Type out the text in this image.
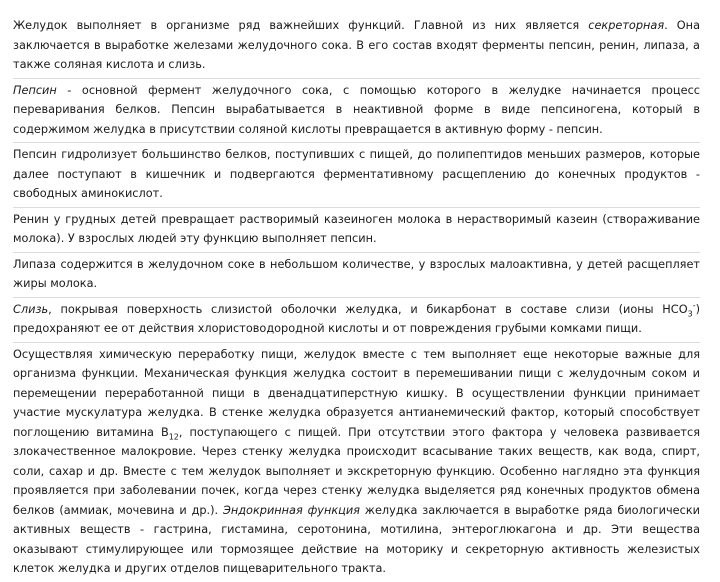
Желудок выполняет в организме ряд важнейших функций. Главной из них является секреторная. Она заключается в выработке железами желудочного сока. В его состав входят ферменты пепсин, ренин, липаза, а также соляная кислота и слизь.

Пепсин - основной фермент желудочного сока, с помощью которого в желудке начинается процесс переваривания белков. Пепсин вырабатывается в неактивной форме в виде пепсиногена, который в содержимом желудка в присутствии соляной кислоты превращается в активную форму - пепсин.

Пепсин гидролизует большинство белков, поступивших с пищей, до полипептидов меньших размеров, которые далее поступают в кишечник и подвергаются ферментативному расщеплению до конечных продуктов - свободных аминокислот.

Ренин у грудных детей превращает растворимый казеиноген молока в нерастворимый казеин (створаживание молока). У взрослых людей эту функцию выполняет пепсин.

Липаза содержится в желудочном соке в небольшом количестве, у взрослых малоактивна, у детей расщепляет жиры молока.

Слизь, покрывая поверхность слизистой оболочки желудка, и бикарбонат в составе слизи (ионы $НСО_3^-$) предохраняют ее от действия хлористоводородной кислоты и от повреждения грубыми комками пищи.

Осуществляя химическую переработку пищи, желудок вместе с тем выполняет еще некоторые важные для организма функции. Механическая функция желудка состоит в перемешивании пищи с желудочным соком и перемещении переработанной пищи в двенадцатиперстную кишку. В осуществлении функции принимает участие мускулатура желудка. В стенке желудка образуется антианемический фактор, который способствует поглощению витамина $В_{12}$, поступающего с пищей. При отсутствии этого фактора у человека развивается злокачественное малокровие. Через стенку желудка происходит всасывание таких веществ, как вода, спирт, соли, сахар и др. Вместе с тем желудок выполняет и экскреторную функцию. Особенно наглядно эта функция проявляется при заболевании почек, когда через стенку желудка выделяется ряд конечных продуктов обмена белков (аммиак, мочевина и др.). Эндокринная функция желудка заключается в выработке ряда биологически активных веществ - гастрина, гистамина, серотонина, мотилина, энтероглюкагона и др. Эти вещества оказывают стимулирующее или тормозящее действие на моторику и секреторную активность железистых клеток желудка и других отделов пищеварительного тракта.
